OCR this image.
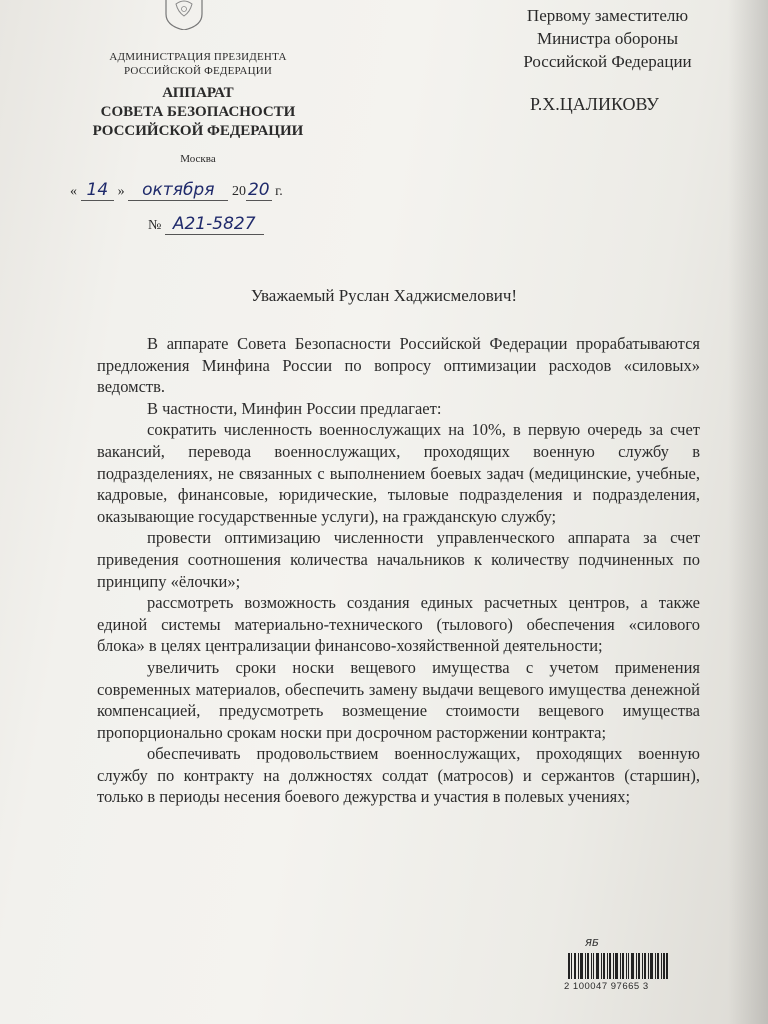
АДМИНИСТРАЦИЯ ПРЕЗИДЕНТА
РОССИЙСКОЙ ФЕДЕРАЦИИ
АППАРАТ
СОВЕТА БЕЗОПАСНОСТИ
РОССИЙСКОЙ ФЕДЕРАЦИИ
Москва
« 14 » октября 20 20 г.
№ А21-5827
Первому заместителю
Министра обороны
Российской Федерации
Р.Х.ЦАЛИКОВУ
Уважаемый Руслан Хаджисмелович!

В аппарате Совета Безопасности Российской Федерации прорабатываются предложения Минфина России по вопросу оптимизации расходов «силовых» ведомств.

В частности, Минфин России предлагает:

сократить численность военнослужащих на 10%, в первую очередь за счет вакансий, перевода военнослужащих, проходящих военную службу в подразделениях, не связанных с выполнением боевых задач (медицинские, учебные, кадровые, финансовые, юридические, тыловые подразделения и подразделения, оказывающие государственные услуги), на гражданскую службу;

провести оптимизацию численности управленческого аппарата за счет приведения соотношения количества начальников к количеству подчиненных по принципу «ёлочки»;

рассмотреть возможность создания единых расчетных центров, а также единой системы материально-технического (тылового) обеспечения «силового блока» в целях централизации финансово-хозяйственной деятельности;

увеличить сроки носки вещевого имущества с учетом применения современных материалов, обеспечить замену выдачи вещевого имущества денежной компенсацией, предусмотреть возмещение стоимости вещевого имущества пропорционально срокам носки при досрочном расторжении контракта;

обеспечивать продовольствием военнослужащих, проходящих военную службу по контракту на должностях солдат (матросов) и сержантов (старшин), только в периоды несения боевого дежурства и участия в полевых учениях;

ЯБ
2 100047 97665 3
